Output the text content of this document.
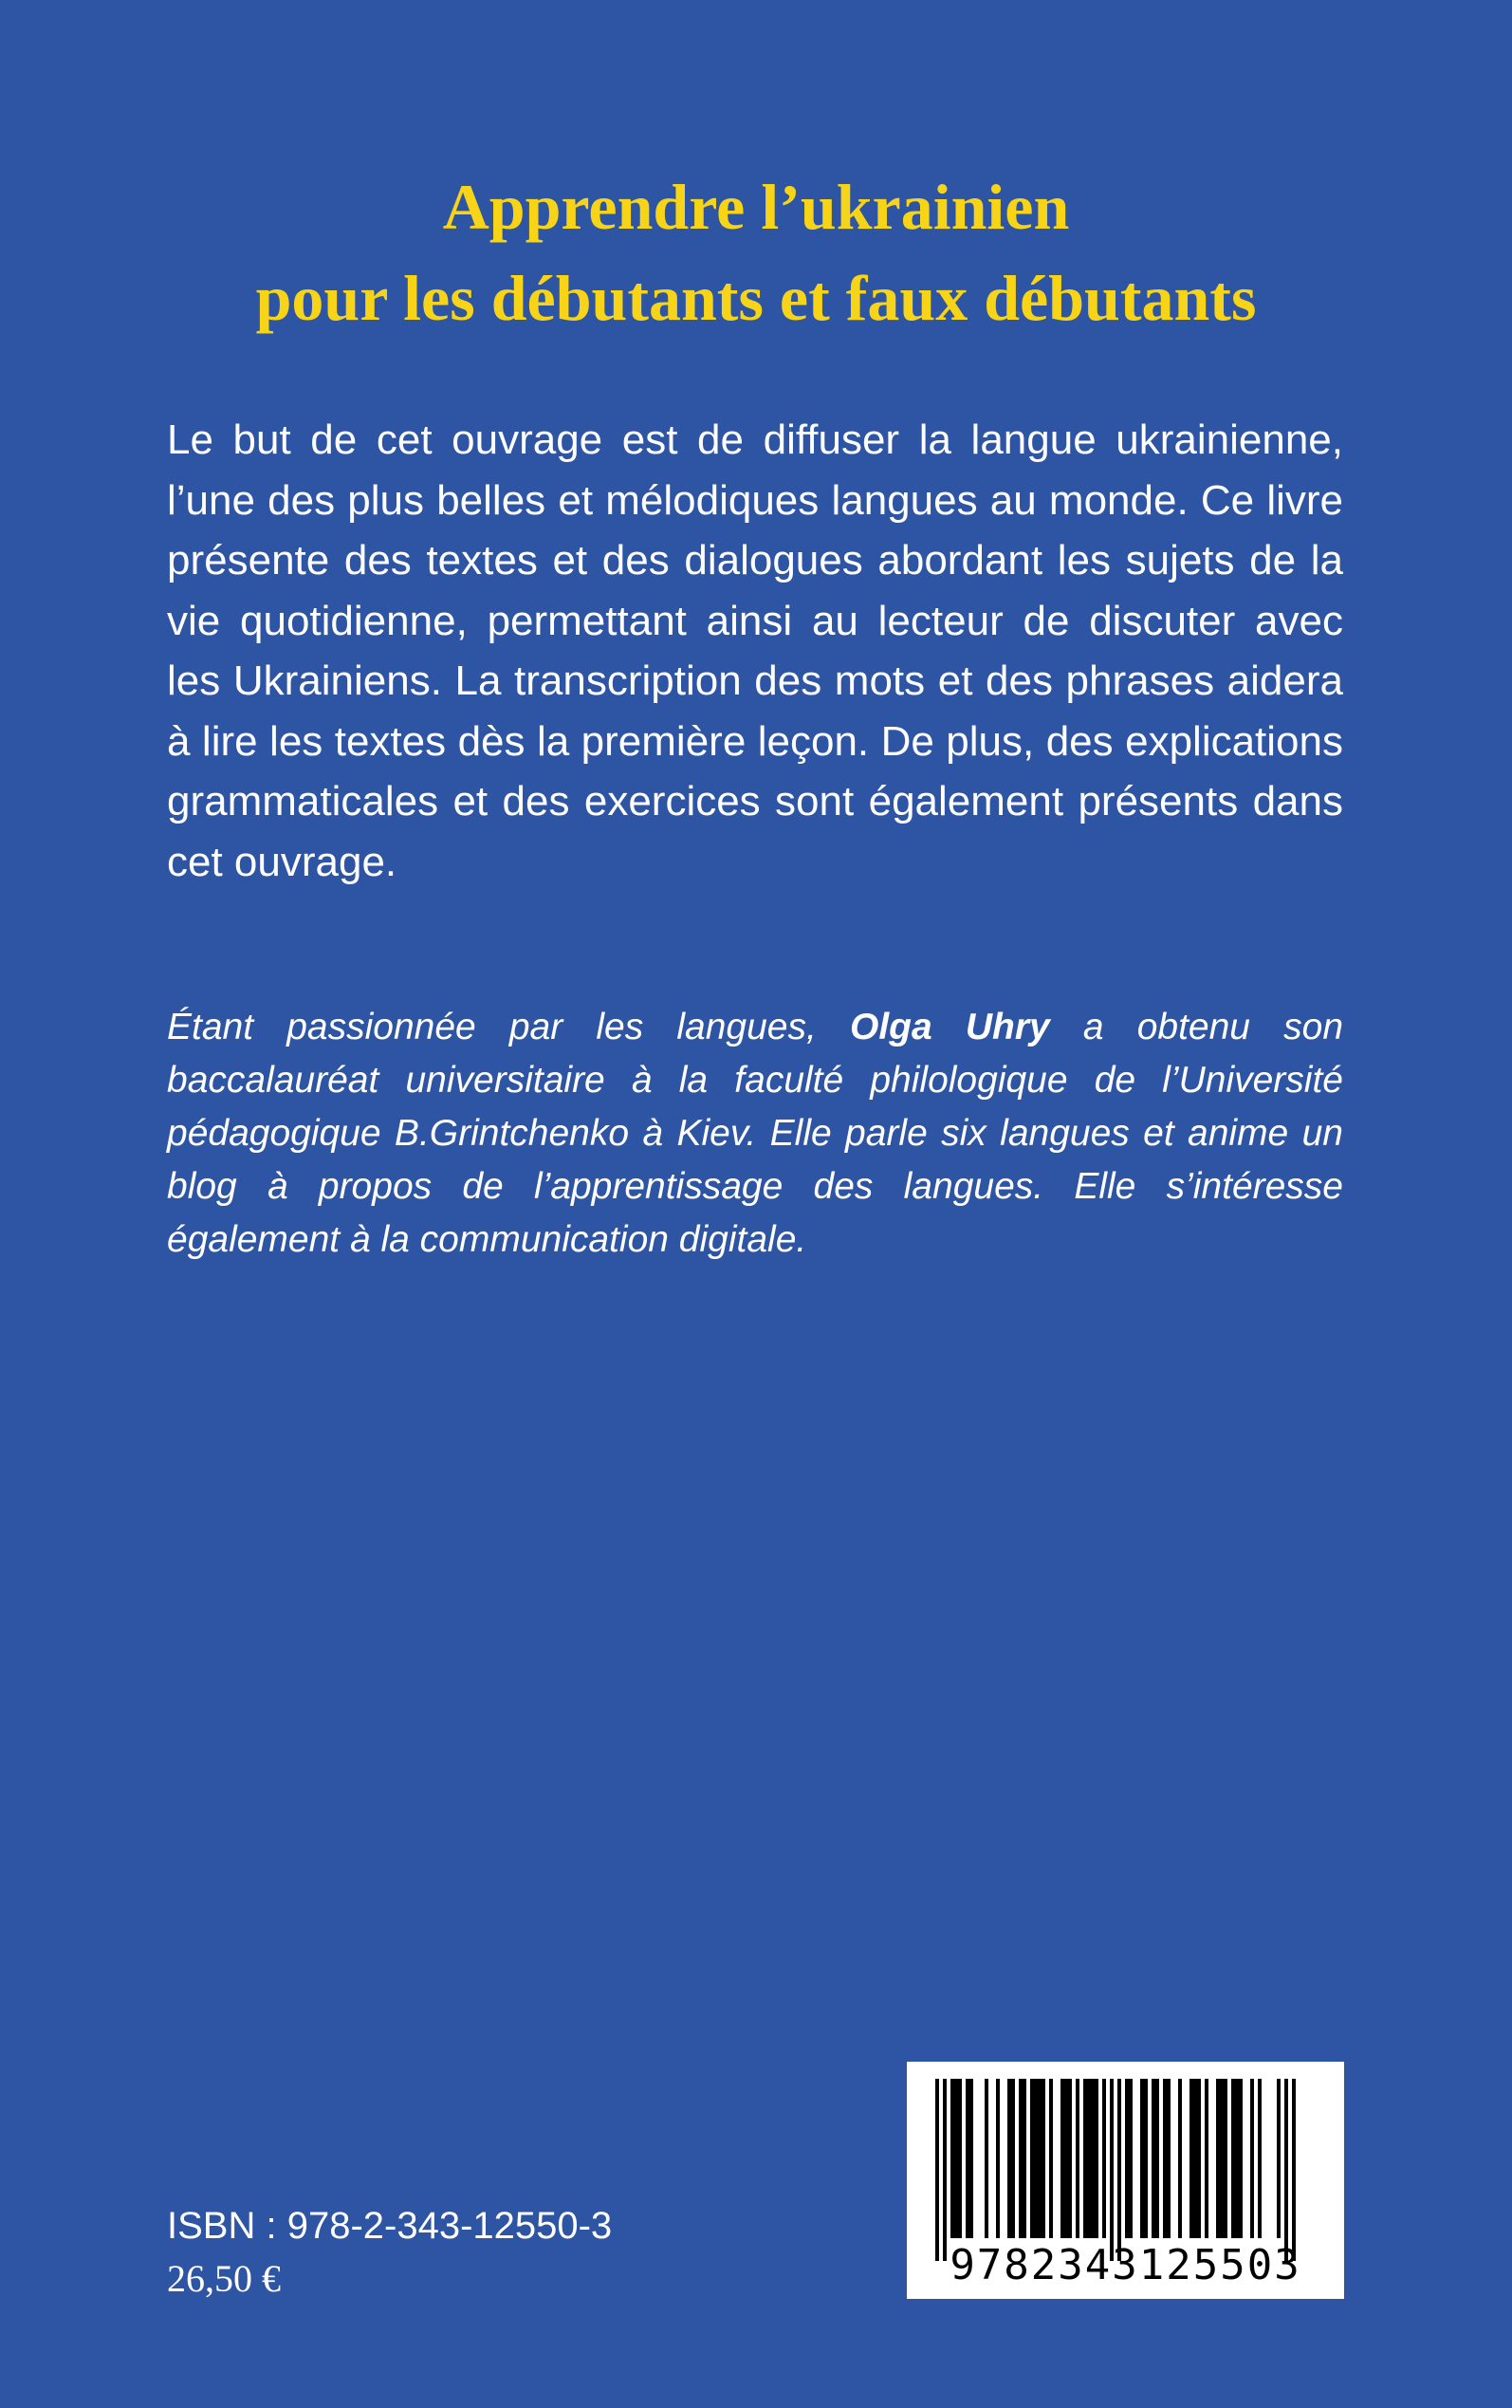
Apprendre l’ukrainien
pour les débutants et faux débutants
Le but de cet ouvrage est de diffuser la langue ukrainienne, l’une des plus belles et mélodiques langues au monde. Ce livre présente des textes et des dialogues abordant les sujets de la vie quotidienne, permettant ainsi au lecteur de discuter avec les Ukrainiens. La transcription des mots et des phrases aidera à lire les textes dès la première leçon. De plus, des explications grammaticales et des exercices sont également présents dans cet ouvrage.
Étant passionnée par les langues, Olga Uhry a obtenu son baccalauréat universitaire à la faculté philologique de l’Université pédagogique B.Grintchenko à Kiev. Elle parle six langues et anime un blog à propos de l’apprentissage des langues. Elle s’intéresse également à la communication digitale.
ISBN : 978-2-343-12550-3
26,50 €	9782343125503
